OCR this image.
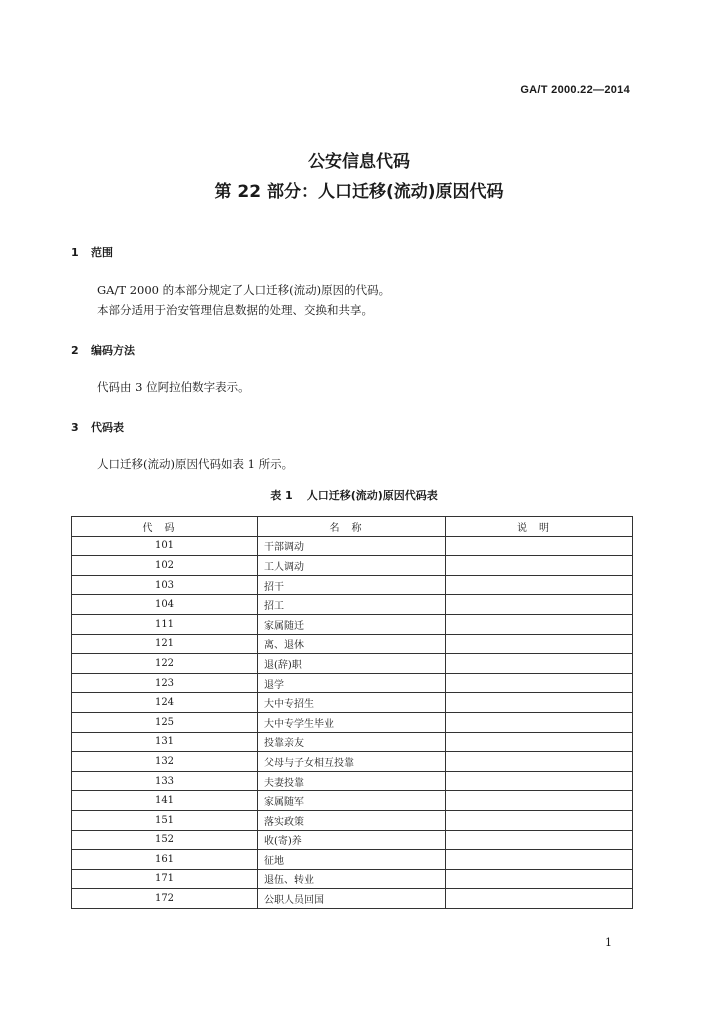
GA/T 2000.22—2014
公安信息代码
第 22 部分：人口迁移(流动)原因代码
1 范围
GA/T 2000 的本部分规定了人口迁移(流动)原因的代码。
本部分适用于治安管理信息数据的处理、交换和共享。
2 编码方法
代码由 3 位阿拉伯数字表示。
3 代码表
人口迁移(流动)原因代码如表 1 所示。
表 1 人口迁移(流动)原因代码表
代码	名称	说明
101	干部调动	
102	工人调动	
103	招干	
104	招工	
111	家属随迁	
121	离、退休	
122	退(辞)职	
123	退学	
124	大中专招生	
125	大中专学生毕业	
131	投靠亲友	
132	父母与子女相互投靠	
133	夫妻投靠	
141	家属随军	
151	落实政策	
152	收(寄)养	
161	征地	
171	退伍、转业	
172	公职人员回国	
1
